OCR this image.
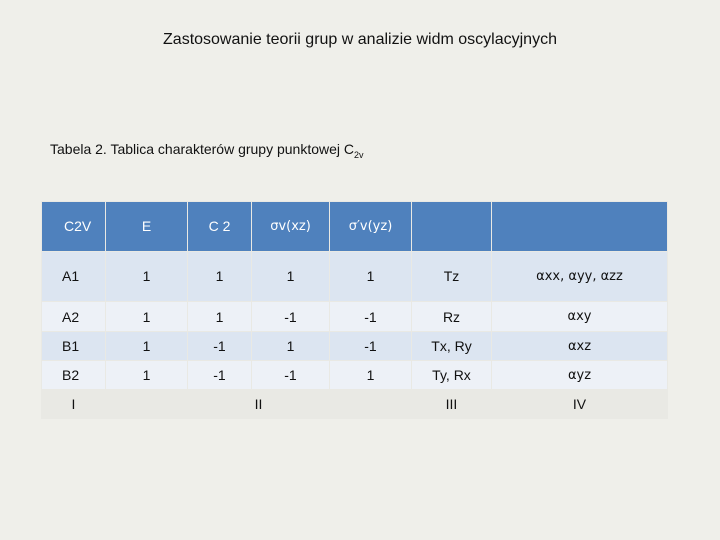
Zastosowanie teorii grup w analizie widm oscylacyjnych
Tabela 2. Tablica charakterów grupy punktowej $C_{2v}$
C2V	E	C 2	σv(xz)	σ′v(yz)		
A1	1	1	1	1	Tz	αxx, αyy, αzz
A2	1	1	-1	-1	Rz	αxy
B1	1	-1	1	-1	Tx, Ry	αxz
B2	1	-1	-1	1	Ty, Rx	αyz
I	II				III	IV
